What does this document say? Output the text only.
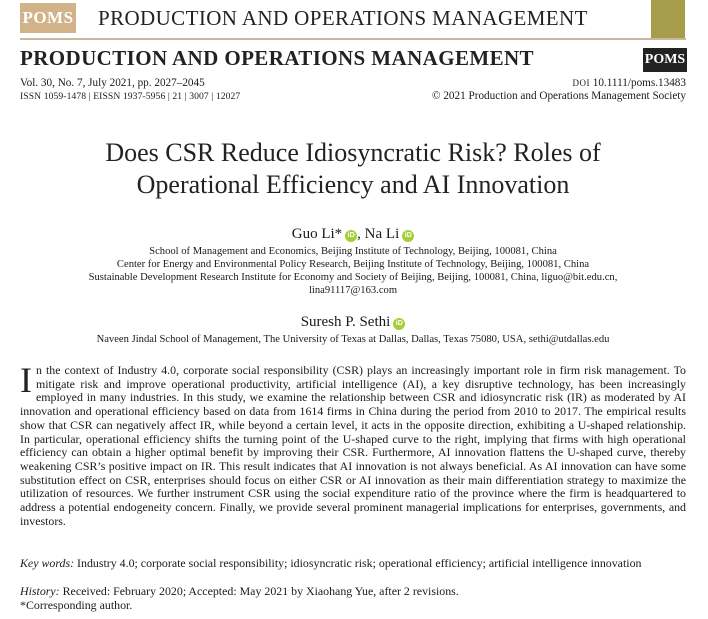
POMS PRODUCTION AND OPERATIONS MANAGEMENT
PRODUCTION AND OPERATIONS MANAGEMENT	POMS
Vol. 30, No. 7, July 2021, pp. 2027–2045
ISSN 1059-1478 | EISSN 1937-5956 | 21 | 3007 | 12027
DOI 10.1111/poms.13483
© 2021 Production and Operations Management Society
Does CSR Reduce Idiosyncratic Risk? Roles of
Operational Efficiency and AI Innovation
Guo Li* iD , Na Li iD
School of Management and Economics, Beijing Institute of Technology, Beijing, 100081, China
Center for Energy and Environmental Policy Research, Beijing Institute of Technology, Beijing, 100081, China
Sustainable Development Research Institute for Economy and Society of Beijing, Beijing, 100081, China, liguo@bit.edu.cn,
lina91117@163.com
Suresh P. Sethi iD
Naveen Jindal School of Management, The University of Texas at Dallas, Dallas, Texas 75080, USA, sethi@utdallas.edu
In the context of Industry 4.0, corporate social responsibility (CSR) plays an increasingly important role in firm risk management. To mitigate risk and improve operational productivity, artificial intelligence (AI), a key disruptive technology, has been increasingly employed in many industries. In this study, we examine the relationship between CSR and idiosyncratic risk (IR) as moderated by AI innovation and operational efficiency based on data from 1614 firms in China during the period from 2010 to 2017. The empirical results show that CSR can negatively affect IR, while beyond a certain level, it acts in the opposite direction, exhibiting a U-shaped relationship. In particular, operational efficiency shifts the turning point of the U-shaped curve to the right, implying that firms with high operational efficiency can obtain a higher optimal benefit by improving their CSR. Furthermore, AI innovation flattens the U-shaped curve, thereby weakening CSR’s positive impact on IR. This result indicates that AI innovation is not always beneficial. As AI innovation can have some substitution effect on CSR, enterprises should focus on either CSR or AI innovation as their main differentiation strategy to maximize the utilization of resources. We further instrument CSR using the social expenditure ratio of the province where the firm is headquartered to address a potential endogeneity concern. Finally, we provide several prominent managerial implications for enterprises, governments, and investors.
Key words: Industry 4.0; corporate social responsibility; idiosyncratic risk; operational efficiency; artificial intelligence innovation
History: Received: February 2020; Accepted: May 2021 by Xiaohang Yue, after 2 revisions.
*Corresponding author.
